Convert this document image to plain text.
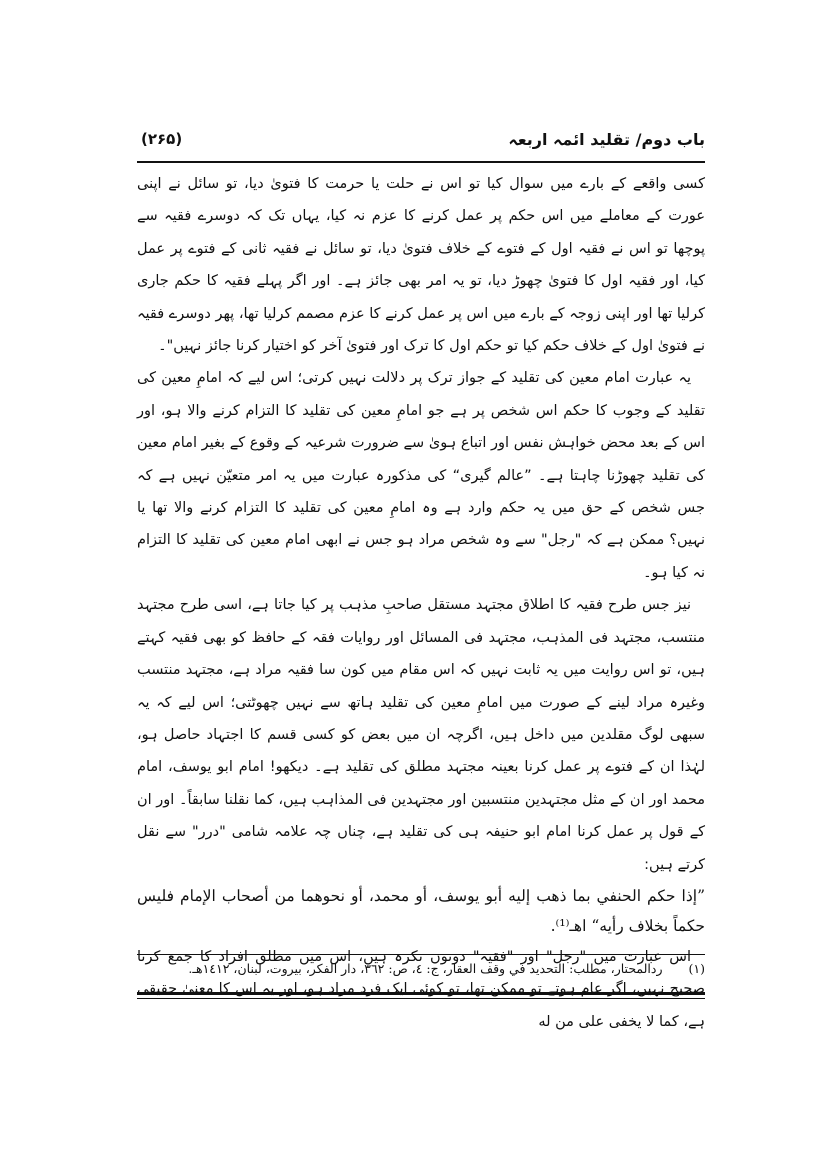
باب دوم/ تقلید ائمہ اربعہ
(۲۶۵)

کسی واقعے کے بارے میں سوال کیا تو اس نے حلت یا حرمت کا فتویٰ دیا، تو سائل نے اپنی عورت کے معاملے میں اس حکم پر عمل کرنے کا عزم نہ کیا، یہاں تک کہ دوسرے فقیہ سے پوچھا تو اس نے فقیہ اول کے فتوے کے خلاف فتویٰ دیا، تو سائل نے فقیہ ثانی کے فتوے پر عمل کیا، اور فقیہ اول کا فتویٰ چھوڑ دیا، تو یہ امر بھی جائز ہے۔ اور اگر پہلے فقیہ کا حکم جاری کرلیا تھا اور اپنی زوجہ کے بارے میں اس پر عمل کرنے کا عزم مصمم کرلیا تھا، پھر دوسرے فقیہ نے فتویٰ اول کے خلاف حکم کیا تو حکم اول کا ترک اور فتویٰ آخر کو اختیار کرنا جائز نہیں"۔

یہ عبارت امام معین کی تقلید کے جواز ترک پر دلالت نہیں کرتی؛ اس لیے کہ امامِ معین کی تقلید کے وجوب کا حکم اس شخص پر ہے جو امامِ معین کی تقلید کا التزام کرنے والا ہو، اور اس کے بعد محض خواہش نفس اور اتباع ہویٰ سے ضرورت شرعیہ کے وقوع کے بغیر امام معین کی تقلید چھوڑنا چاہتا ہے۔ ”عالم گیری“ کی مذکورہ عبارت میں یہ امر متعیّن نہیں ہے کہ جس شخص کے حق میں یہ حکم وارد ہے وہ امامِ معین کی تقلید کا التزام کرنے والا تھا یا نہیں؟ ممکن ہے کہ "رجل" سے وہ شخص مراد ہو جس نے ابھی امام معین کی تقلید کا التزام نہ کیا ہو۔

نیز جس طرح فقیہ کا اطلاق مجتہد مستقل صاحبِ مذہب پر کیا جاتا ہے، اسی طرح مجتہد منتسب، مجتہد فی المذہب، مجتہد فی المسائل اور روایات فقہ کے حافظ کو بھی فقیہ کہتے ہیں، تو اس روایت میں یہ ثابت نہیں کہ اس مقام میں کون سا فقیہ مراد ہے، مجتہد منتسب وغیرہ مراد لینے کے صورت میں امامِ معین کی تقلید ہاتھ سے نہیں چھوٹتی؛ اس لیے کہ یہ سبھی لوگ مقلدین میں داخل ہیں، اگرچہ ان میں بعض کو کسی قسم کا اجتہاد حاصل ہو، لہٰذا ان کے فتوے پر عمل کرنا بعینہ مجتہد مطلق کی تقلید ہے۔ دیکھو! امام ابو یوسف، امام محمد اور ان کے مثل مجتہدین منتسبین اور مجتہدین فی المذاہب ہیں، کما نقلنا سابقاً۔ اور ان کے قول پر عمل کرنا امام ابو حنیفہ ہی کی تقلید ہے، چناں چہ علامہ شامی "درر" سے نقل کرتے ہیں:

”إذا حكم الحنفي بما ذهب إليه أبو يوسف، أو محمد، أو نحوهما من أصحاب الإمام فليس حكماً بخلاف رأيه“ اهـ⁽¹⁾.

اس عبارت میں "رجل" اور "فقیہ" دونوں نکرہ ہیں، اس میں مطلق افراد کا جمع کرنا صحیح نہیں، اگر عام ہوتے تو ممکن تھا، تو کوئی ایک فرد مراد ہو، اور یہ اس کا معنیٰ حقیقی ہے، کما لا يخفى على من له

(۱) ردالمحتار، مطلب: التحديد في وقف العقار، ج: ٤، ص: ٣٦٢، دار الفكر، بيروت، لبنان، ١٤١٢هـ.
